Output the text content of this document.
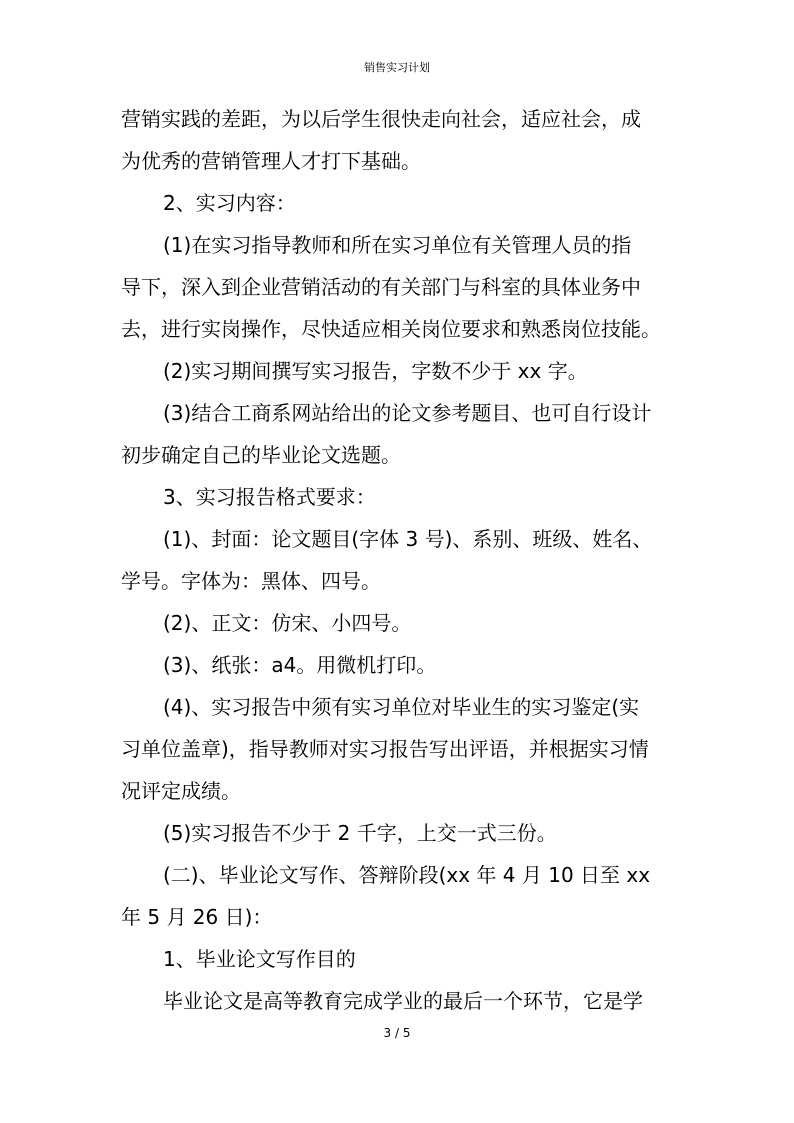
销售实习计划
营销实践的差距，为以后学生很快走向社会，适应社会，成
为优秀的营销管理人才打下基础。
2、实习内容：
(1)在实习指导教师和所在实习单位有关管理人员的指
导下，深入到企业营销活动的有关部门与科室的具体业务中
去，进行实岗操作，尽快适应相关岗位要求和熟悉岗位技能。
(2)实习期间撰写实习报告，字数不少于 xx 字。
(3)结合工商系网站给出的论文参考题目、也可自行设计
初步确定自己的毕业论文选题。
3、实习报告格式要求：
(1)、封面：论文题目(字体 3 号)、系别、班级、姓名、
学号。字体为：黑体、四号。
(2)、正文：仿宋、小四号。
(3)、纸张：a4。用微机打印。
(4)、实习报告中须有实习单位对毕业生的实习鉴定(实
习单位盖章)，指导教师对实习报告写出评语，并根据实习情
况评定成绩。
(5)实习报告不少于 2 千字，上交一式三份。
(二)、毕业论文写作、答辩阶段(xx 年 4 月 10 日至 xx
年 5 月 26 日)：
1、毕业论文写作目的
毕业论文是高等教育完成学业的最后一个环节，它是学
3 / 5
